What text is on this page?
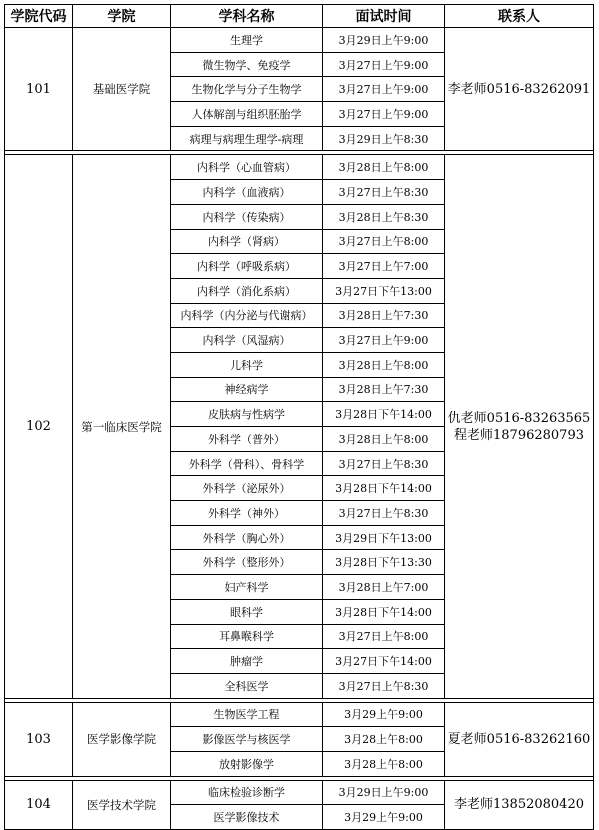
学院代码	学院	学科名称	面试时间	联系人
101	基础医学院	生理学	3月29日上午9:00	李老师0516-83262091

		微生物学、免疫学	3月27日上午9:00	
		生物化学与分子生物学	3月27日上午9:00	
		人体解剖与组织胚胎学	3月27日上午9:00	
		病理与病理生理学-病理	3月29日上午8:30	

102	第一临床医学院	内科学（心血管病）	3月28日上午8:00	仇老师0516-83263565
程老师18796280793

		内科学（血液病）	3月27日上午8:30	
		内科学（传染病）	3月28日上午8:30	
		内科学（肾病）	3月27日上午8:00	
		内科学（呼吸系病）	3月27日上午7:00	
		内科学（消化系病）	3月27日下午13:00	
		内科学（内分泌与代谢病）	3月28日上午7:30	
		内科学（风湿病）	3月27日上午9:00	
		儿科学	3月28日上午8:00	
		神经病学	3月28日上午7:30	
		皮肤病与性病学	3月28日下午14:00	
		外科学（普外）	3月28日上午8:00	
		外科学（骨科）、骨科学	3月27日上午8:30	
		外科学（泌尿外）	3月28日下午14:00	
		外科学（神外）	3月27日上午8:30	
		外科学（胸心外）	3月29日下午13:00	
		外科学（整形外）	3月28日下午13:30	
		妇产科学	3月28日上午7:00	
		眼科学	3月28日下午14:00	
		耳鼻喉科学	3月27日上午8:00	
		肿瘤学	3月27日下午14:00	
		全科医学	3月27日上午8:30	

103	医学影像学院	生物医学工程	3月29上午9:00	夏老师0516-83262160

		影像医学与核医学	3月28上午8:00	
		放射影像学	3月28上午8:00	

104	医学技术学院	临床检验诊断学	3月29日上午9:00	李老师13852080420

		医学影像技术	3月29上午9:00	
